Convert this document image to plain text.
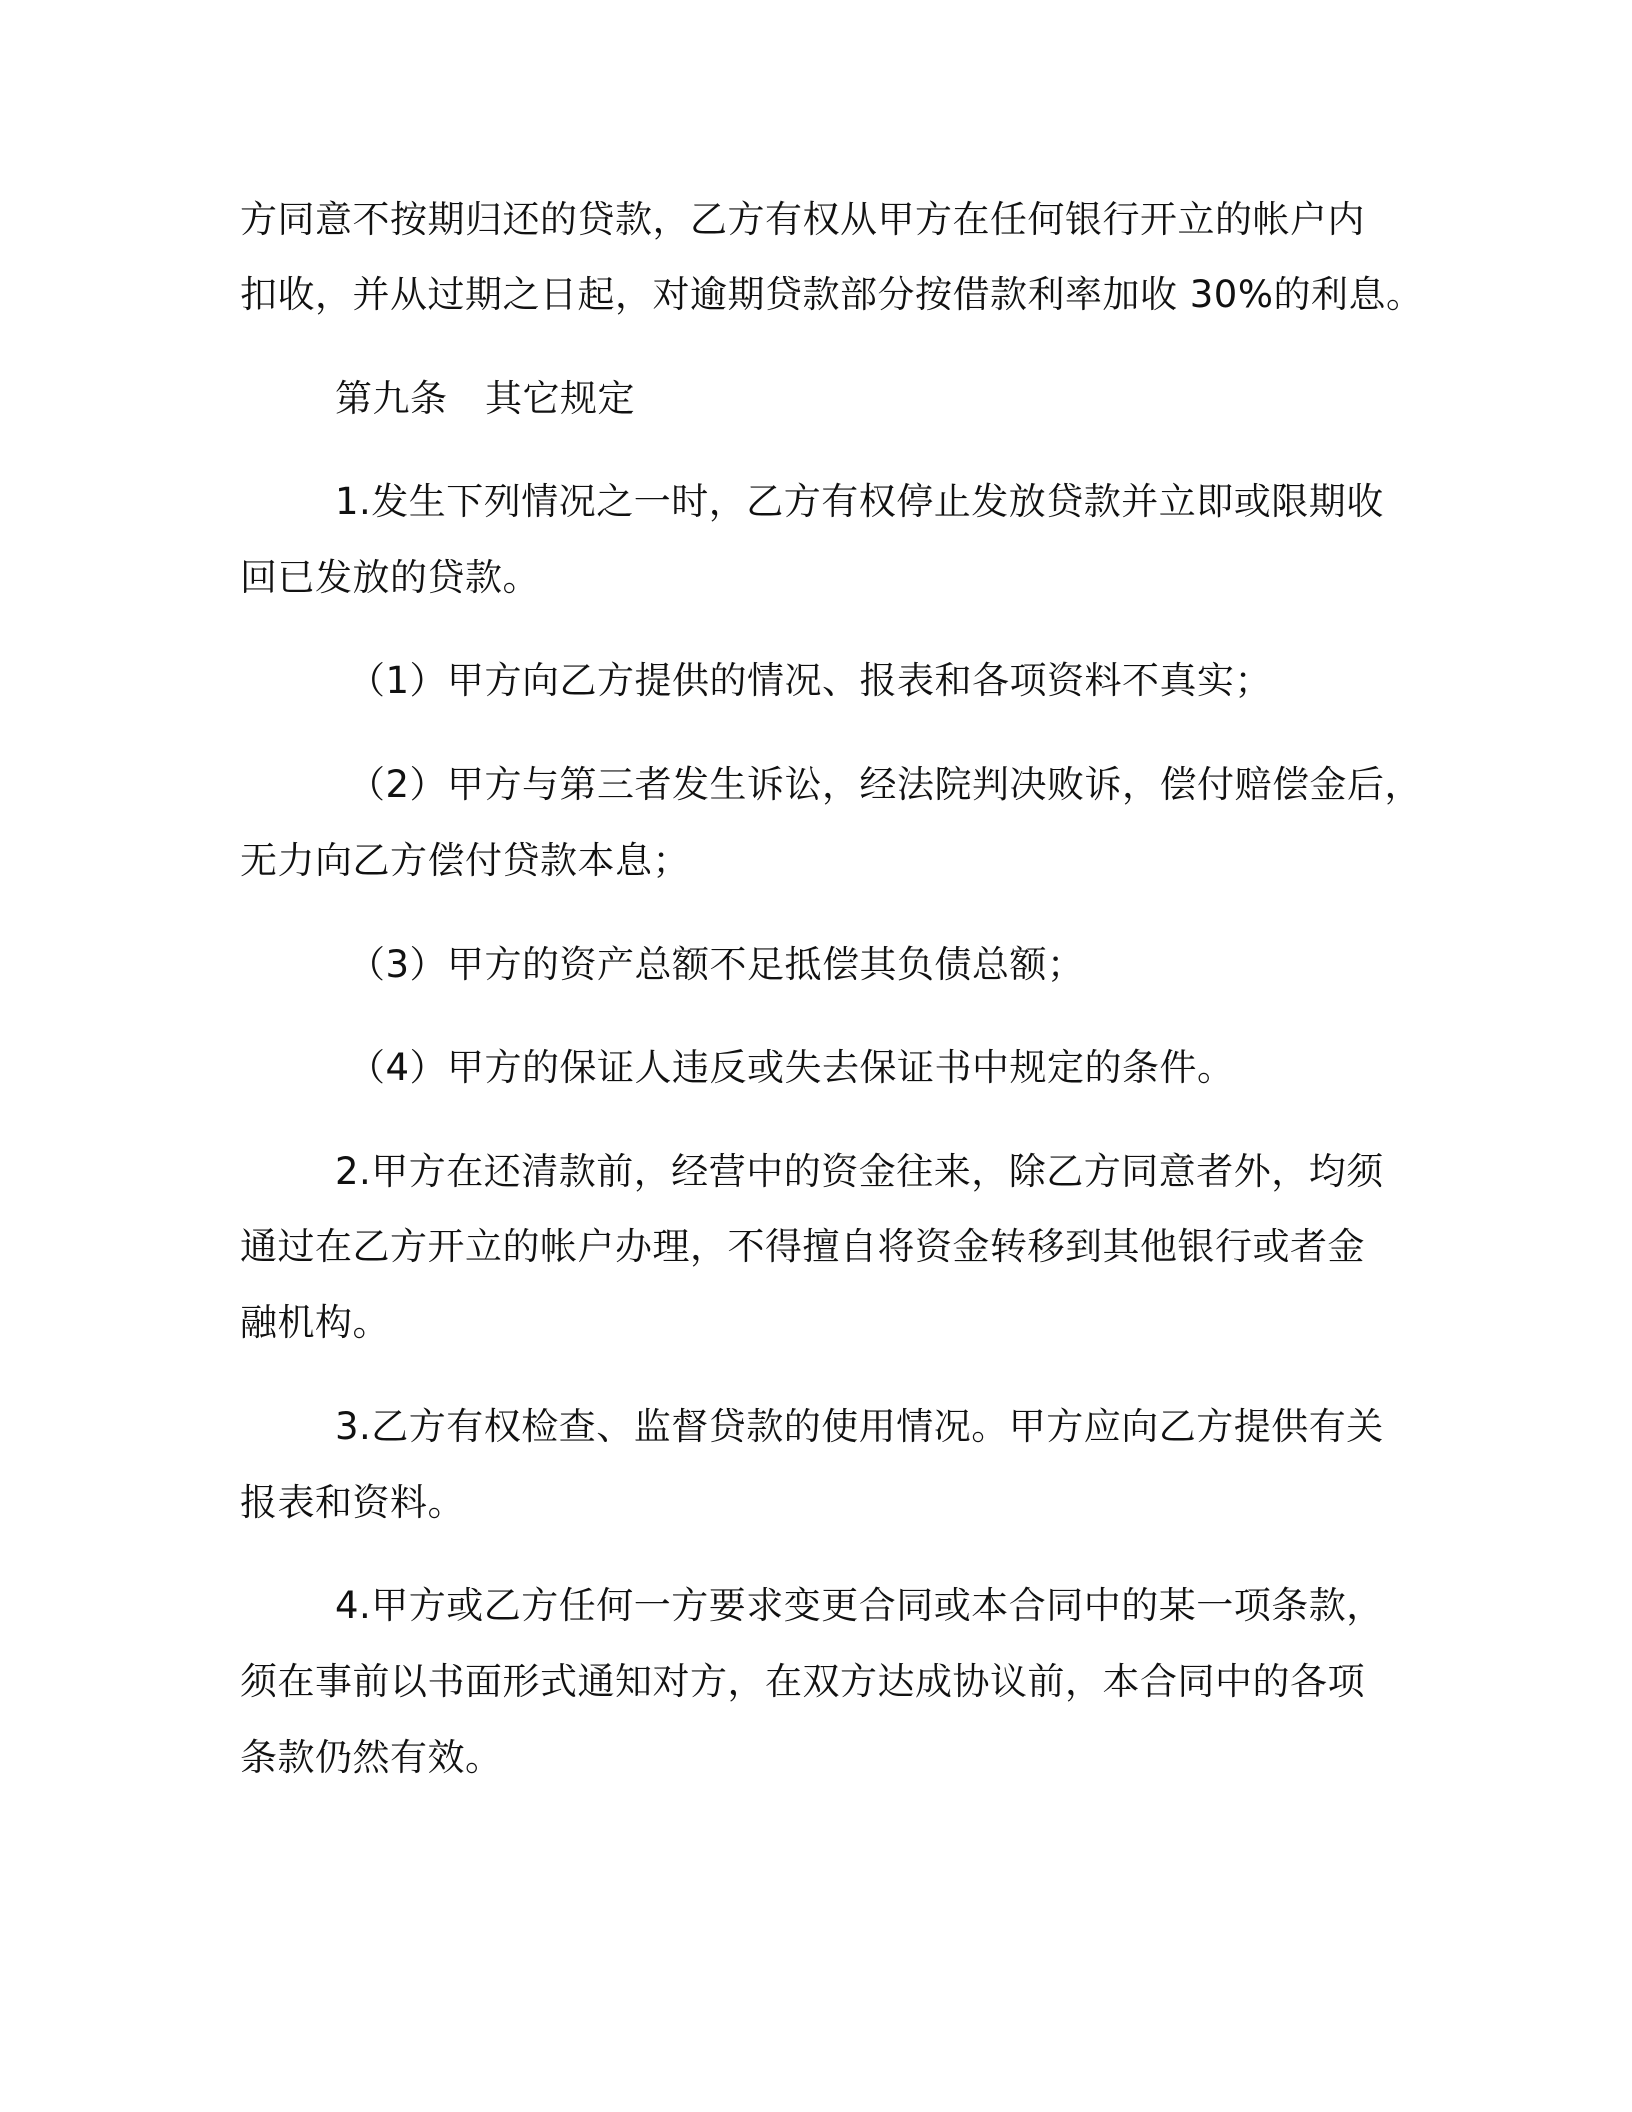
方同意不按期归还的贷款，乙方有权从甲方在任何银行开立的帐户内
扣收，并从过期之日起，对逾期贷款部分按借款利率加收 30%的利息。
第九条　其它规定
1.发生下列情况之一时，乙方有权停止发放贷款并立即或限期收
回已发放的贷款。
（1）甲方向乙方提供的情况、报表和各项资料不真实；
（2）甲方与第三者发生诉讼，经法院判决败诉，偿付赔偿金后，
无力向乙方偿付贷款本息；
（3）甲方的资产总额不足抵偿其负债总额；
（4）甲方的保证人违反或失去保证书中规定的条件。
2.甲方在还清款前，经营中的资金往来，除乙方同意者外，均须
通过在乙方开立的帐户办理，不得擅自将资金转移到其他银行或者金
融机构。
3.乙方有权检查、监督贷款的使用情况。甲方应向乙方提供有关
报表和资料。
4.甲方或乙方任何一方要求变更合同或本合同中的某一项条款，
须在事前以书面形式通知对方，在双方达成协议前，本合同中的各项
条款仍然有效。
